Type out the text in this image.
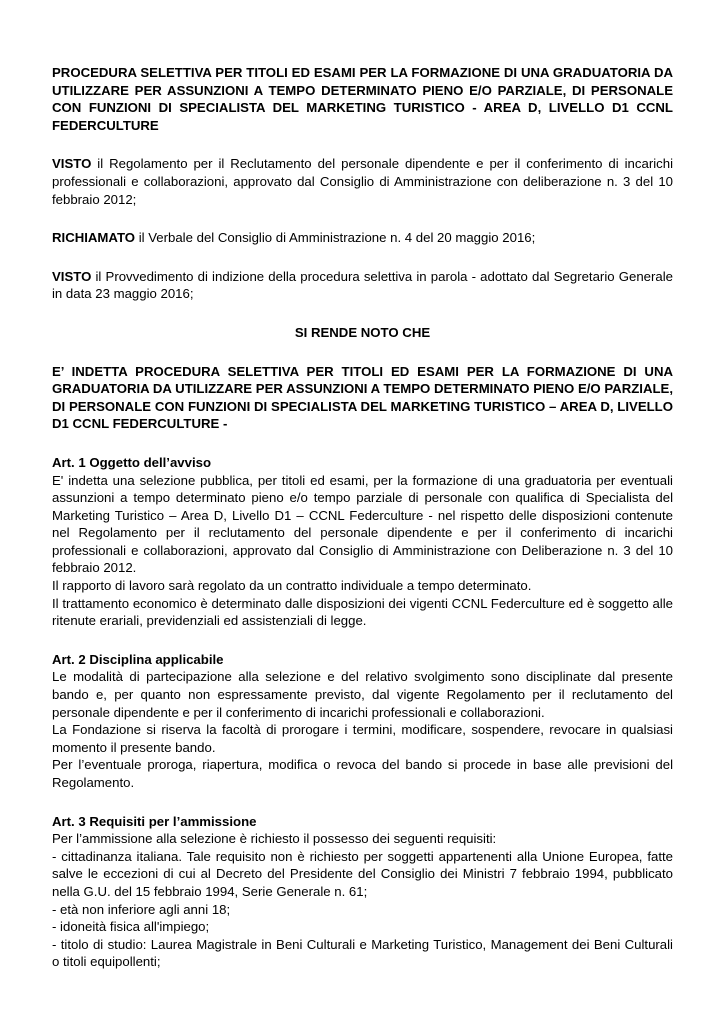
PROCEDURA SELETTIVA PER TITOLI ED ESAMI PER LA FORMAZIONE DI UNA GRADUATORIA DA UTILIZZARE PER ASSUNZIONI A TEMPO DETERMINATO PIENO E/O PARZIALE, DI PERSONALE CON FUNZIONI DI SPECIALISTA DEL MARKETING TURISTICO - AREA D, LIVELLO D1 CCNL FEDERCULTURE

VISTO il Regolamento per il Reclutamento del personale dipendente e per il conferimento di incarichi professionali e collaborazioni, approvato dal Consiglio di Amministrazione con deliberazione n. 3 del 10 febbraio 2012;

RICHIAMATO il Verbale del Consiglio di Amministrazione n. 4 del 20 maggio 2016;

VISTO il Provvedimento di indizione della procedura selettiva in parola - adottato dal Segretario Generale in data 23 maggio 2016;

SI RENDE NOTO CHE

E’ INDETTA PROCEDURA SELETTIVA PER TITOLI ED ESAMI PER LA FORMAZIONE DI UNA GRADUATORIA DA UTILIZZARE PER ASSUNZIONI A TEMPO DETERMINATO PIENO E/O PARZIALE, DI PERSONALE CON FUNZIONI DI SPECIALISTA DEL MARKETING TURISTICO – AREA D, LIVELLO D1 CCNL FEDERCULTURE -

Art. 1 Oggetto dell’avviso

E' indetta una selezione pubblica, per titoli ed esami, per la formazione di una graduatoria per eventuali assunzioni a tempo determinato pieno e/o tempo parziale di personale con qualifica di Specialista del Marketing Turistico – Area D, Livello D1 – CCNL Federculture - nel rispetto delle disposizioni contenute nel Regolamento per il reclutamento del personale dipendente e per il conferimento di incarichi professionali e collaborazioni, approvato dal Consiglio di Amministrazione con Deliberazione n. 3 del 10 febbraio 2012.

Il rapporto di lavoro sarà regolato da un contratto individuale a tempo determinato.

Il trattamento economico è determinato dalle disposizioni dei vigenti CCNL Federculture ed è soggetto alle ritenute erariali, previdenziali ed assistenziali di legge.

Art. 2 Disciplina applicabile

Le modalità di partecipazione alla selezione e del relativo svolgimento sono disciplinate dal presente bando e, per quanto non espressamente previsto, dal vigente Regolamento per il reclutamento del personale dipendente e per il conferimento di incarichi professionali e collaborazioni.

La Fondazione si riserva la facoltà di prorogare i termini, modificare, sospendere, revocare in qualsiasi momento il presente bando.

Per l’eventuale proroga, riapertura, modifica o revoca del bando si procede in base alle previsioni del Regolamento.

Art. 3 Requisiti per l’ammissione

Per l’ammissione alla selezione è richiesto il possesso dei seguenti requisiti:

- cittadinanza italiana. Tale requisito non è richiesto per soggetti appartenenti alla Unione Europea, fatte salve le eccezioni di cui al Decreto del Presidente del Consiglio dei Ministri 7 febbraio 1994, pubblicato nella G.U. del 15 febbraio 1994, Serie Generale n. 61;

- età non inferiore agli anni 18;

- idoneità fisica all'impiego;

- titolo di studio: Laurea Magistrale in Beni Culturali e Marketing Turistico, Management dei Beni Culturali o titoli equipollenti;
